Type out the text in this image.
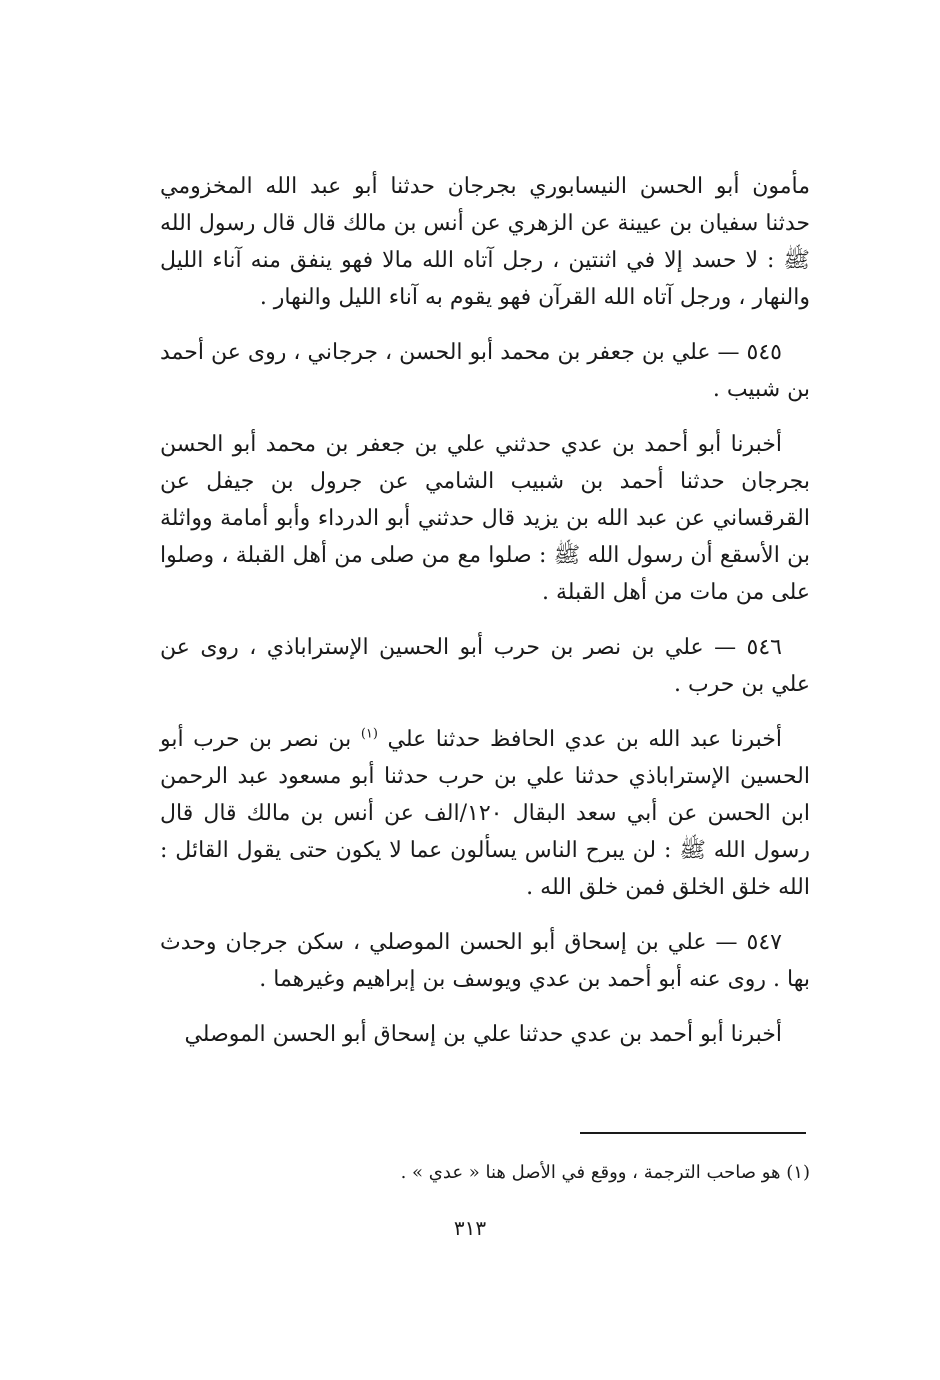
مأمون أبو الحسن النيسابوري بجرجان حدثنا أبو عبد الله المخزومي حدثنا سفيان بن عيينة عن الزهري عن أنس بن مالك قال قال رسول الله ﷺ : لا حسد إلا في اثنتين ، رجل آتاه الله مالا فهو ينفق منه آناء الليل والنهار ، ورجل آتاه الله القرآن فهو يقوم به آناء الليل والنهار .

٥٤٥ — علي بن جعفر بن محمد أبو الحسن ، جرجاني ، روى عن أحمد بن شبيب .

أخبرنا أبو أحمد بن عدي حدثني علي بن جعفر بن محمد أبو الحسن بجرجان حدثنا أحمد بن شبيب الشامي عن جرول بن جيفل عن القرقساني عن عبد الله بن يزيد قال حدثني أبو الدرداء وأبو أمامة وواثلة بن الأسقع أن رسول الله ﷺ : صلوا مع من صلى من أهل القبلة ، وصلوا على من مات من أهل القبلة .

٥٤٦ — علي بن نصر بن حرب أبو الحسين الإستراباذي ، روى عن علي بن حرب .

أخبرنا عبد الله بن عدي الحافظ حدثنا علي $^{(١)}$ بن نصر بن حرب أبو الحسين الإستراباذي حدثنا علي بن حرب حدثنا أبو مسعود عبد الرحمن ابن الحسن عن أبي سعد البقال ١٢٠/الف عن أنس بن مالك قال قال رسول الله ﷺ : لن يبرح الناس يسألون عما لا يكون حتى يقول القائل : الله خلق الخلق فمن خلق الله .

٥٤٧ — علي بن إسحاق أبو الحسن الموصلي ، سكن جرجان وحدث بها . روى عنه أبو أحمد بن عدي ويوسف بن إبراهيم وغيرهما .

أخبرنا أبو أحمد بن عدي حدثنا علي بن إسحاق أبو الحسن الموصلي

(١) هو صاحب الترجمة ، ووقع في الأصل هنا « عدي » .
٣١٣
